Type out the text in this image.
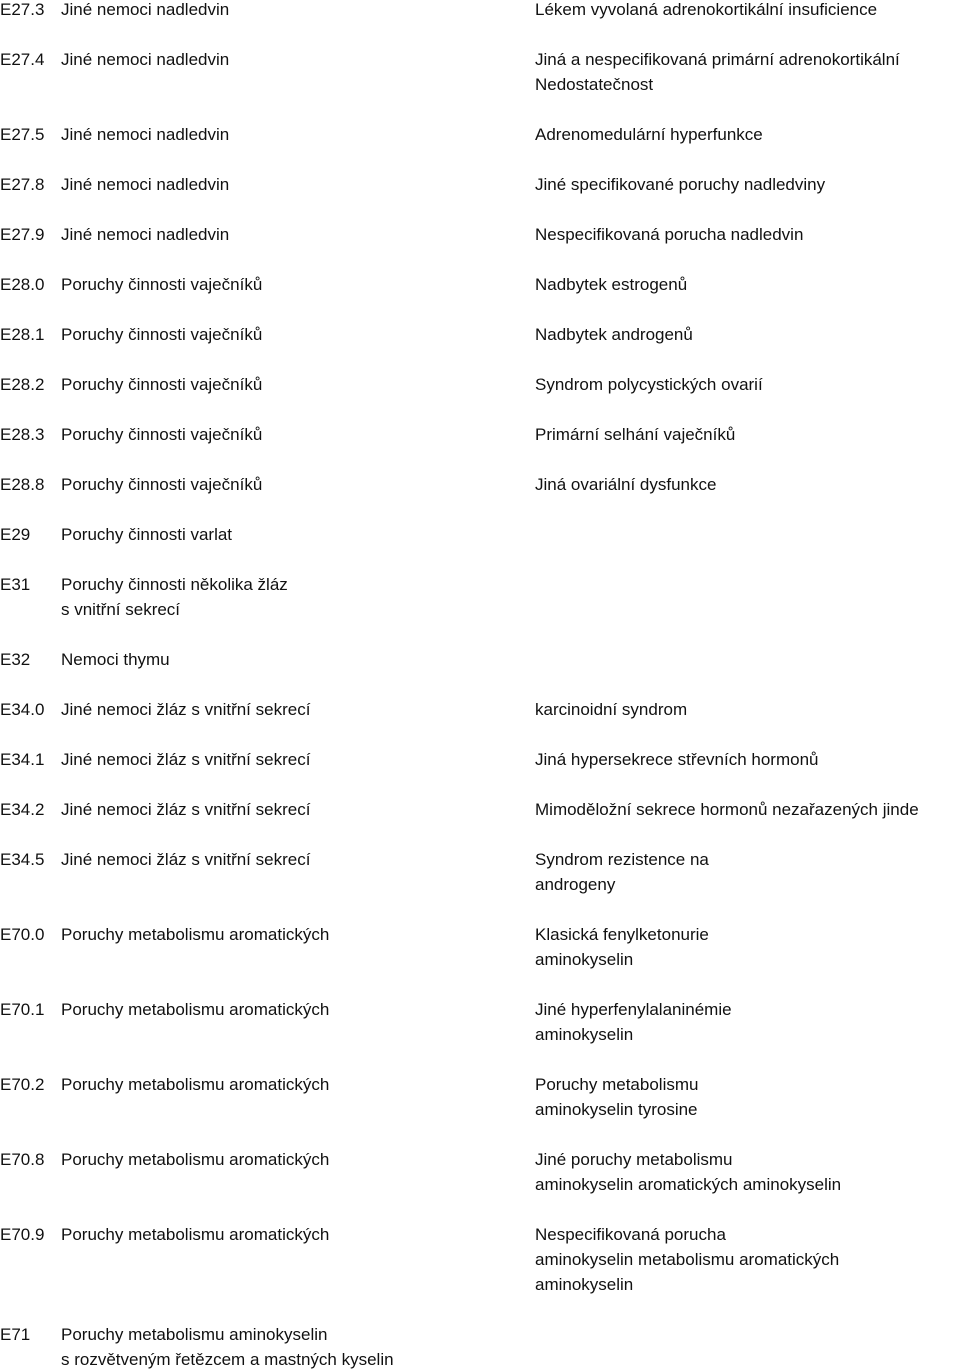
E27.3 Jiné nemoci nadledvin	Lékem vyvolaná adrenokortikální insuficience
E27.4 Jiné nemoci nadledvin	Jiná a nespecifikovaná primární adrenokortikální
Nedostatečnost
E27.5 Jiné nemoci nadledvin	Adrenomedulární hyperfunkce
E27.8 Jiné nemoci nadledvin	Jiné specifikované poruchy nadledviny
E27.9 Jiné nemoci nadledvin	Nespecifikovaná porucha nadledvin
E28.0 Poruchy činnosti vaječníků	Nadbytek estrogenů
E28.1 Poruchy činnosti vaječníků	Nadbytek androgenů
E28.2 Poruchy činnosti vaječníků	Syndrom polycystických ovarií
E28.3 Poruchy činnosti vaječníků	Primární selhání vaječníků
E28.8 Poruchy činnosti vaječníků	Jiná ovariální dysfunkce
E29	Poruchy činnosti varlat
E31	Poruchy činnosti několika žláz
s vnitřní sekrecí
E32	Nemoci thymu
E34.0 Jiné nemoci žláz s vnitřní sekrecí	karcinoidní syndrom
E34.1 Jiné nemoci žláz s vnitřní sekrecí	Jiná hypersekrece střevních hormonů
E34.2 Jiné nemoci žláz s vnitřní sekrecí	Mimoděložní sekrece hormonů nezařazených jinde
E34.5 Jiné nemoci žláz s vnitřní sekrecí	Syndrom rezistence na
androgeny
E70.0 Poruchy metabolismu aromatických	Klasická fenylketonurie
aminokyselin
E70.1 Poruchy metabolismu aromatických	Jiné hyperfenylalaninémie
aminokyselin
E70.2 Poruchy metabolismu aromatických	Poruchy metabolismu
aminokyselin tyrosine
E70.8 Poruchy metabolismu aromatických	Jiné poruchy metabolismu
aminokyselin aromatických aminokyselin
E70.9 Poruchy metabolismu aromatických	Nespecifikovaná porucha
aminokyselin metabolismu aromatických
aminokyselin
E71	Poruchy metabolismu aminokyselin
s rozvětveným řetězcem a mastných kyselin
